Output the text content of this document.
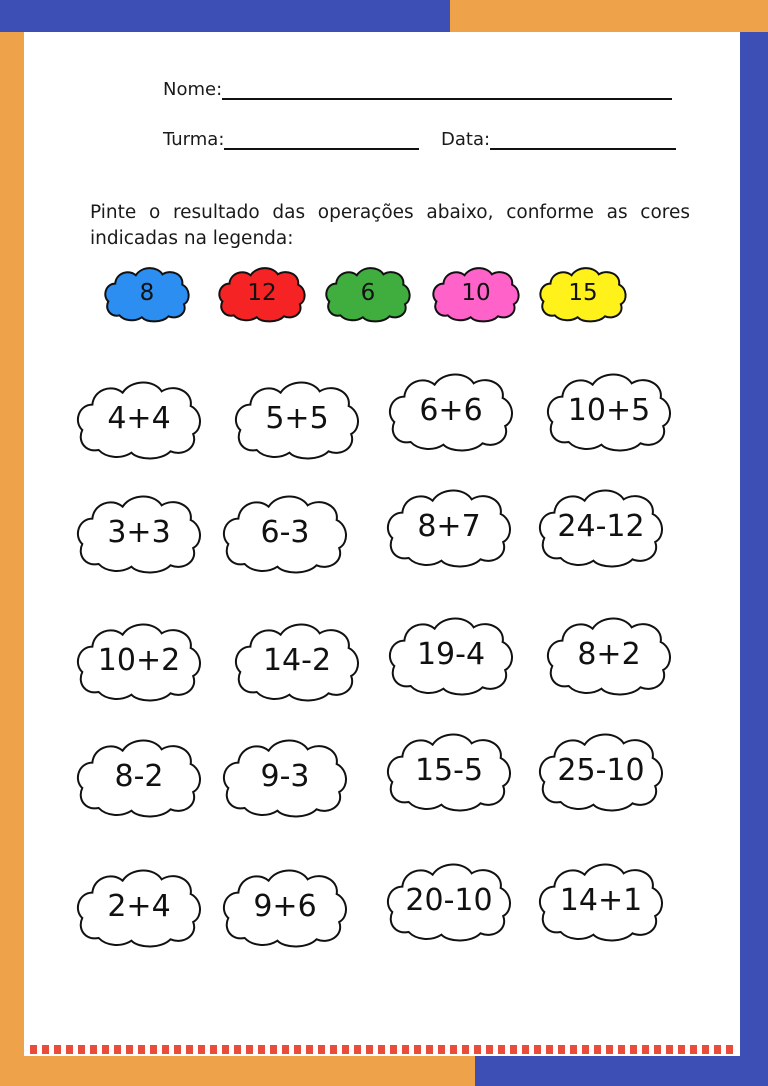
Nome:
Turma:	Data:
Pinte o resultado das operações abaixo, conforme as cores indicadas na legenda:
8	12	6	10	15
4+4	5+5	6+6	10+5
3+3	6-3	8+7	24-12
10+2	14-2	19-4	8+2
8-2	9-3	15-5	25-10
2+4	9+6	20-10	14+1
